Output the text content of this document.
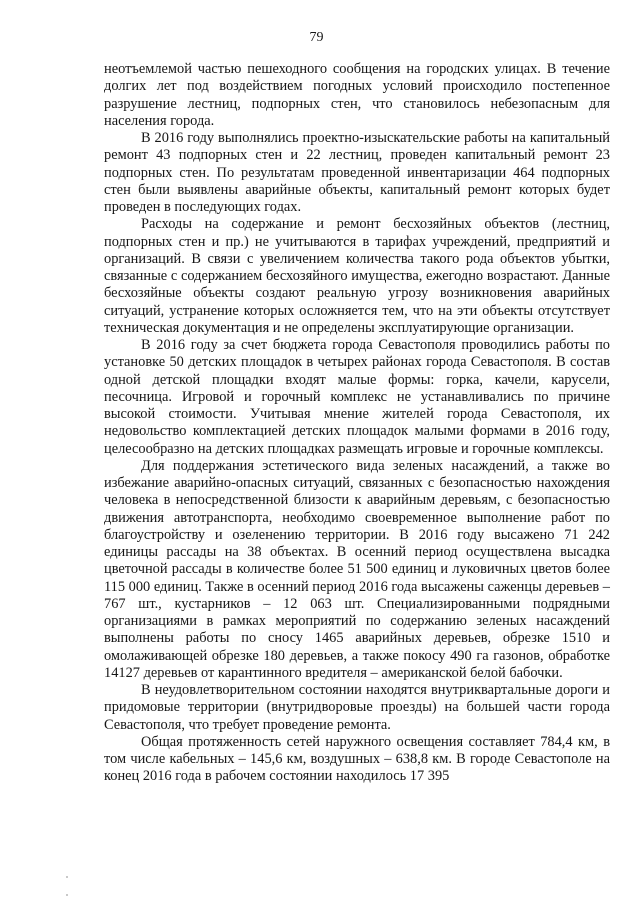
79

неотъемлемой частью пешеходного сообщения на городских улицах. В течение долгих лет под воздействием погодных условий происходило постепенное разрушение лестниц, подпорных стен, что становилось небезопасным для населения города.

В 2016 году выполнялись проектно-изыскательские работы на капитальный ремонт 43 подпорных стен и 22 лестниц, проведен капитальный ремонт 23 подпорных стен. По результатам проведенной инвентаризации 464 подпорных стен были выявлены аварийные объекты, капитальный ремонт которых будет проведен в последующих годах.

Расходы на содержание и ремонт бесхозяйных объектов (лестниц, подпорных стен и пр.) не учитываются в тарифах учреждений, предприятий и организаций. В связи с увеличением количества такого рода объектов убытки, связанные с содержанием бесхозяйного имущества, ежегодно возрастают. Данные бесхозяйные объекты создают реальную угрозу возникновения аварийных ситуаций, устранение которых осложняется тем, что на эти объекты отсутствует техническая документация и не определены эксплуатирующие организации.

В 2016 году за счет бюджета города Севастополя проводились работы по установке 50 детских площадок в четырех районах города Севастополя. В состав одной детской площадки входят малые формы: горка, качели, карусели, песочница. Игровой и горочный комплекс не устанавливались по причине высокой стоимости. Учитывая мнение жителей города Севастополя, их недовольство комплектацией детских площадок малыми формами в 2016 году, целесообразно на детских площадках размещать игровые и горочные комплексы.

Для поддержания эстетического вида зеленых насаждений, а также во избежание аварийно-опасных ситуаций, связанных с безопасностью нахождения человека в непосредственной близости к аварийным деревьям, с безопасностью движения автотранспорта, необходимо своевременное выполнение работ по благоустройству и озеленению территории. В 2016 году высажено 71 242 единицы рассады на 38 объектах. В осенний период осуществлена высадка цветочной рассады в количестве более 51 500 единиц и луковичных цветов более 115 000 единиц. Также в осенний период 2016 года высажены саженцы деревьев – 767 шт., кустарников – 12 063 шт. Специализированными подрядными организациями в рамках мероприятий по содержанию зеленых насаждений выполнены работы по сносу 1465 аварийных деревьев, обрезке 1510 и омолаживающей обрезке 180 деревьев, а также покосу 490 га газонов, обработке 14127 деревьев от карантинного вредителя – американской белой бабочки.

В неудовлетворительном состоянии находятся внутриквартальные дороги и придомовые территории (внутридворовые проезды) на большей части города Севастополя, что требует проведение ремонта.

Общая протяженность сетей наружного освещения составляет 784,4 км, в том числе кабельных – 145,6 км, воздушных – 638,8 км. В городе Севастополе на конец 2016 года в рабочем состоянии находилось 17 395
